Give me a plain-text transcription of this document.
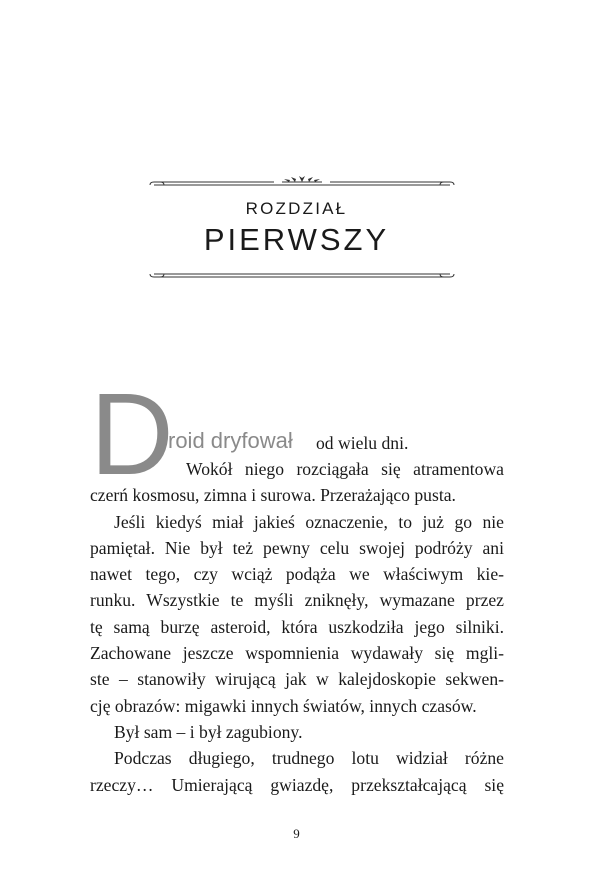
ROZDZIAŁ
PIERWSZY
D
roid dryfował od wielu dni.
Wokół niego rozciągała się atramentowa
czerń kosmosu, zimna i surowa. Przerażająco pusta.
Jeśli kiedyś miał jakieś oznaczenie, to już go nie
pamiętał. Nie był też pewny celu swojej podróży ani
nawet tego, czy wciąż podąża we właściwym kie-
runku. Wszystkie te myśli zniknęły, wymazane przez
tę samą burzę asteroid, która uszkodziła jego silniki.
Zachowane jeszcze wspomnienia wydawały się mgli-
ste – stanowiły wirującą jak w kalejdoskopie sekwen-
cję obrazów: migawki innych światów, innych czasów.
Był sam – i był zagubiony.
Podczas długiego, trudnego lotu widział różne
rzeczy… Umierającą gwiazdę, przekształcającą się
9
